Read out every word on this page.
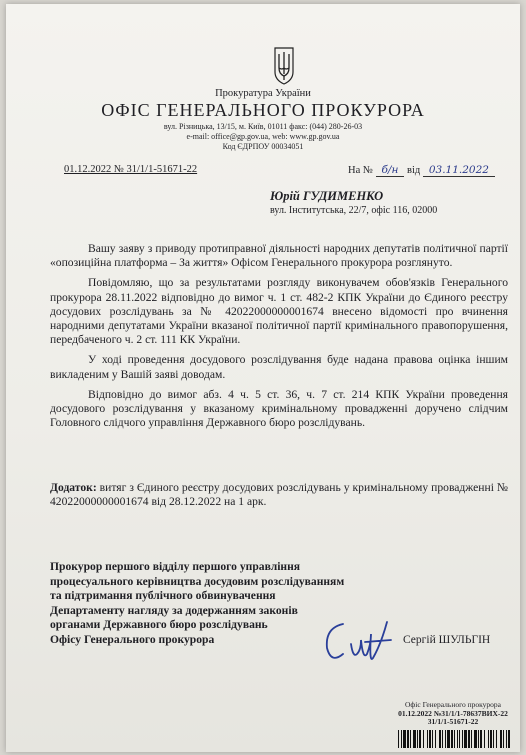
Прокуратура України
ОФІС ГЕНЕРАЛЬНОГО ПРОКУРОРА
вул. Різницька, 13/15, м. Київ, 01011 факс: (044) 280-26-03
e-mail: office@gp.gov.ua, web: www.gp.gov.ua
Код ЄДРПОУ 00034051
01.12.2022 № 31/1/1-51671-22	На № б/н від 03.11.2022
Юрій ГУДИМЕНКО
вул. Інститутська, 22/7, офіс 116, 02000

Вашу заяву з приводу протиправної діяльності народних депутатів політичної партії «опозиційна платформа – За життя» Офісом Генерального прокурора розглянуто.

Повідомляю, що за результатами розгляду виконувачем обов'язків Генерального прокурора 28.11.2022 відповідно до вимог ч. 1 ст. 482-2 КПК України до Єдиного реєстру досудових розслідувань за № 42022000000001674 внесено відомості про вчинення народними депутатами України вказаної політичної партії кримінального правопорушення, передбаченого ч. 2 ст. 111 КК України.

У ході проведення досудового розслідування буде надана правова оцінка іншим викладеним у Вашій заяві доводам.

Відповідно до вимог абз. 4 ч. 5 ст. 36, ч. 7 ст. 214 КПК України проведення досудового розслідування у вказаному кримінальному провадженні доручено слідчим Головного слідчого управління Державного бюро розслідувань.

Додаток: витяг з Єдиного реєстру досудових розслідувань у кримінальному провадженні № 42022000000001674 від 28.12.2022 на 1 арк.
Прокурор першого відділу першого управління
процесуального керівництва досудовим розслідуванням
та підтримання публічного обвинувачення
Департаменту нагляду за додержанням законів
органами Державного бюро розслідувань
Офісу Генерального прокурора	Сергій ШУЛЬГІН
Офіс Генерального прокурора
01.12.2022 №31/1/1-78637ВИХ-22
31/1/1-51671-22
